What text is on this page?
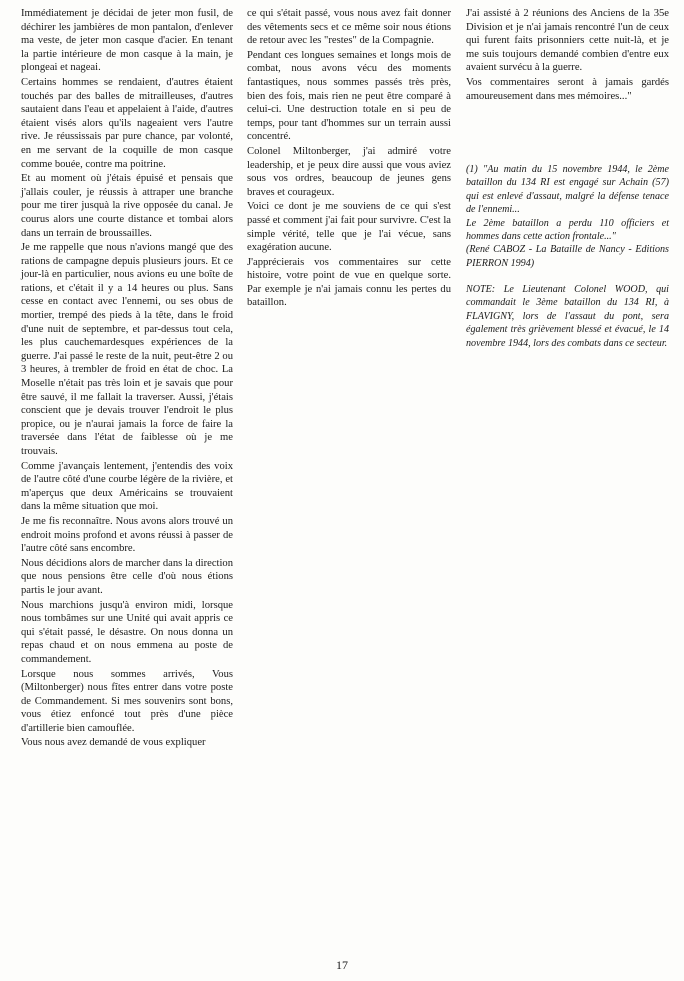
Immédiatement je décidai de jeter mon fusil, de déchirer les jambières de mon pantalon, d'enlever ma veste, de jeter mon casque d'acier. En tenant la partie intérieure de mon casque à la main, je plongeai et nageai.

Certains hommes se rendaient, d'autres étaient touchés par des balles de mitrailleuses, d'autres sautaient dans l'eau et appelaient à l'aide, d'autres étaient visés alors qu'ils nageaient vers l'autre rive. Je réussissais par pure chance, par volonté, en me servant de la coquille de mon casque comme bouée, contre ma poitrine.

Et au moment où j'étais épuisé et pensais que j'allais couler, je réussis à attraper une branche pour me tirer jusquà la rive opposée du canal. Je courus alors une courte distance et tombai alors dans un terrain de broussailles.

Je me rappelle que nous n'avions mangé que des rations de campagne depuis plusieurs jours. Et ce jour-là en particulier, nous avions eu une boîte de rations, et c'était il y a 14 heures ou plus. Sans cesse en contact avec l'ennemi, ou ses obus de mortier, trempé des pieds à la tête, dans le froid d'une nuit de septembre, et par-dessus tout cela, les plus cauchemardesques expériences de la guerre. J'ai passé le reste de la nuit, peut-être 2 ou 3 heures, à trembler de froid en état de choc. La Moselle n'était pas très loin et je savais que pour être sauvé, il me fallait la traverser. Aussi, j'étais conscient que je devais trouver l'endroit le plus propice, ou je n'aurai jamais la force de faire la traversée dans l'état de faiblesse où je me trouvais.

Comme j'avançais lentement, j'entendis des voix de l'autre côté d'une courbe légère de la rivière, et m'aperçus que deux Américains se trouvaient dans la même situation que moi.

Je me fis reconnaître. Nous avons alors trouvé un endroit moins profond et avons réussi à passer de l'autre côté sans encombre.

Nous décidions alors de marcher dans la direction que nous pensions être celle d'où nous étions partis le jour avant.

Nous marchions jusqu'à environ midi, lorsque nous tombâmes sur une Unité qui avait appris ce qui s'était passé, le désastre. On nous donna un repas chaud et on nous emmena au poste de commandement.

Lorsque nous sommes arrivés, Vous (Miltonberger) nous fîtes entrer dans votre poste de Commandement. Si mes souvenirs sont bons, vous étiez enfoncé tout près d'une pièce d'artillerie bien camouflée.

Vous nous avez demandé de vous expliquer

ce qui s'était passé, vous nous avez fait donner des vêtements secs et ce même soir nous étions de retour avec les "restes" de la Compagnie.

Pendant ces longues semaines et longs mois de combat, nous avons vécu des moments fantastiques, nous sommes passés très près, bien des fois, mais rien ne peut être comparé à celui-ci. Une destruction totale en si peu de temps, pour tant d'hommes sur un terrain aussi concentré.

Colonel Miltonberger, j'ai admiré votre leadership, et je peux dire aussi que vous aviez sous vos ordres, beaucoup de jeunes gens braves et courageux.

Voici ce dont je me souviens de ce qui s'est passé et comment j'ai fait pour survivre. C'est la simple vérité, telle que je l'ai vécue, sans exagération aucune.

J'apprécierais vos commentaires sur cette histoire, votre point de vue en quelque sorte. Par exemple je n'ai jamais connu les pertes du bataillon.

J'ai assisté à 2 réunions des Anciens de la 35e Division et je n'ai jamais rencontré l'un de ceux qui furent faits prisonniers cette nuit-là, et je me suis toujours demandé combien d'entre eux avaient survécu à la guerre.

Vos commentaires seront à jamais gardés amoureusement dans mes mémoires..."

(1) "Au matin du 15 novembre 1944, le 2ème bataillon du 134 RI est engagé sur Achain (57) qui est enlevé d'assaut, malgré la défense tenace de l'ennemi...

Le 2ème bataillon a perdu 110 officiers et hommes dans cette action frontale..."

(René CABOZ - La Bataille de Nancy - Editions PIERRON 1994)

NOTE: Le Lieutenant Colonel WOOD, qui commandait le 3ème bataillon du 134 RI, à FLAVIGNY, lors de l'assaut du pont, sera également très grièvement blessé et évacué, le 14 novembre 1944, lors des combats dans ce secteur.

17
